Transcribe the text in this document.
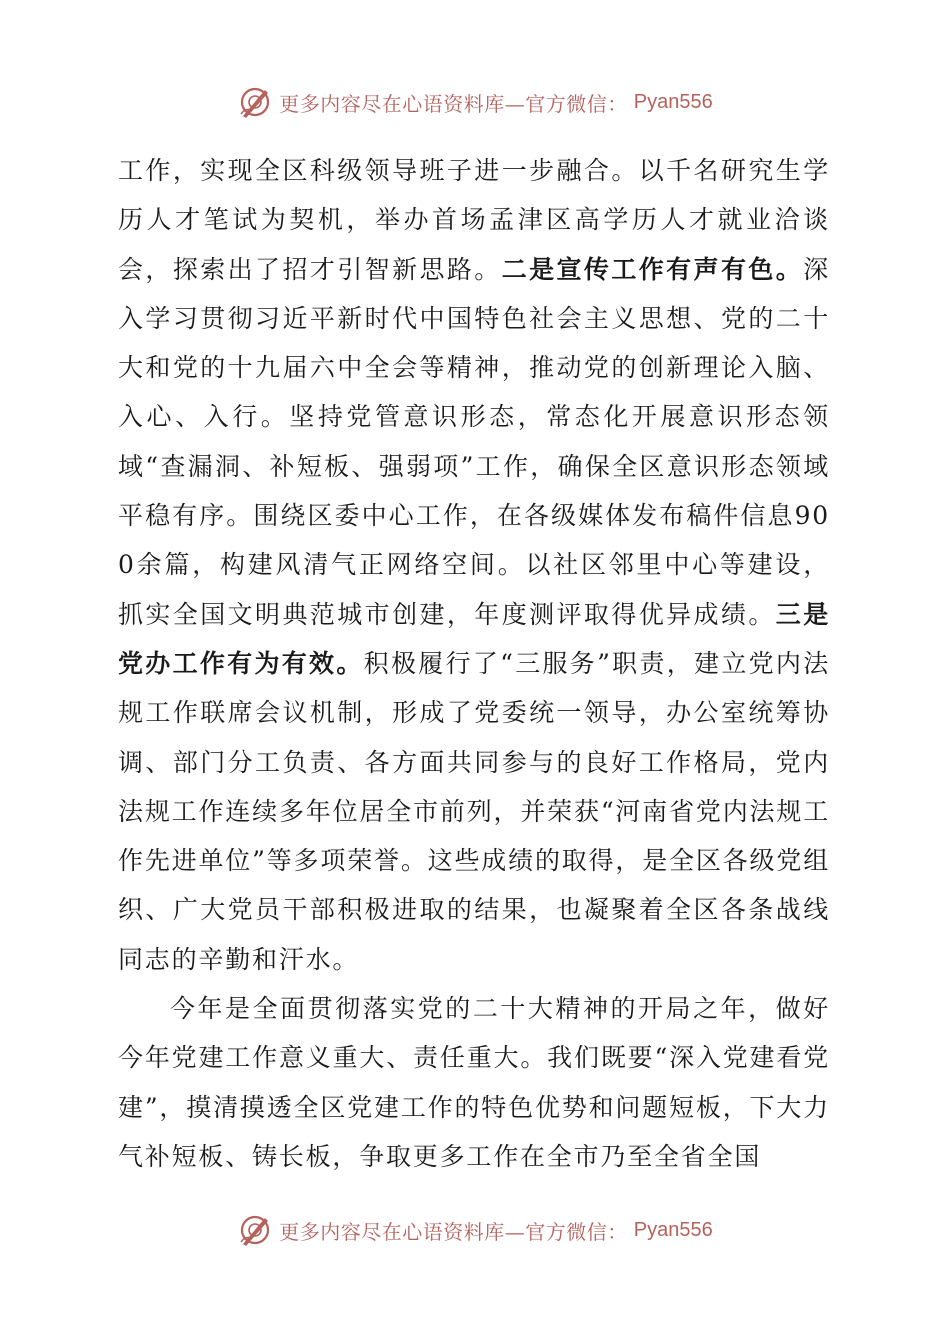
更多内容尽在心语资料库—官方微信： Pyan556

工作，实现全区科级领导班子进一步融合。以千名研究生学历人才笔试为契机，举办首场孟津区高学历人才就业洽谈会，探索出了招才引智新思路。二是宣传工作有声有色。深入学习贯彻习近平新时代中国特色社会主义思想、党的二十大和党的十九届六中全会等精神，推动党的创新理论入脑、入心、入行。坚持党管意识形态，常态化开展意识形态领域“查漏洞、补短板、强弱项”工作，确保全区意识形态领域平稳有序。围绕区委中心工作，在各级媒体发布稿件信息900余篇，构建风清气正网络空间。以社区邻里中心等建设，抓实全国文明典范城市创建，年度测评取得优异成绩。三是党办工作有为有效。积极履行了“三服务”职责，建立党内法规工作联席会议机制，形成了党委统一领导，办公室统筹协调、部门分工负责、各方面共同参与的良好工作格局，党内法规工作连续多年位居全市前列，并荣获“河南省党内法规工作先进单位”等多项荣誉。这些成绩的取得，是全区各级党组织、广大党员干部积极进取的结果，也凝聚着全区各条战线同志的辛勤和汗水。

今年是全面贯彻落实党的二十大精神的开局之年，做好今年党建工作意义重大、责任重大。我们既要“深入党建看党建”，摸清摸透全区党建工作的特色优势和问题短板，下大力气补短板、铸长板，争取更多工作在全市乃至全省全国

更多内容尽在心语资料库—官方微信： Pyan556
